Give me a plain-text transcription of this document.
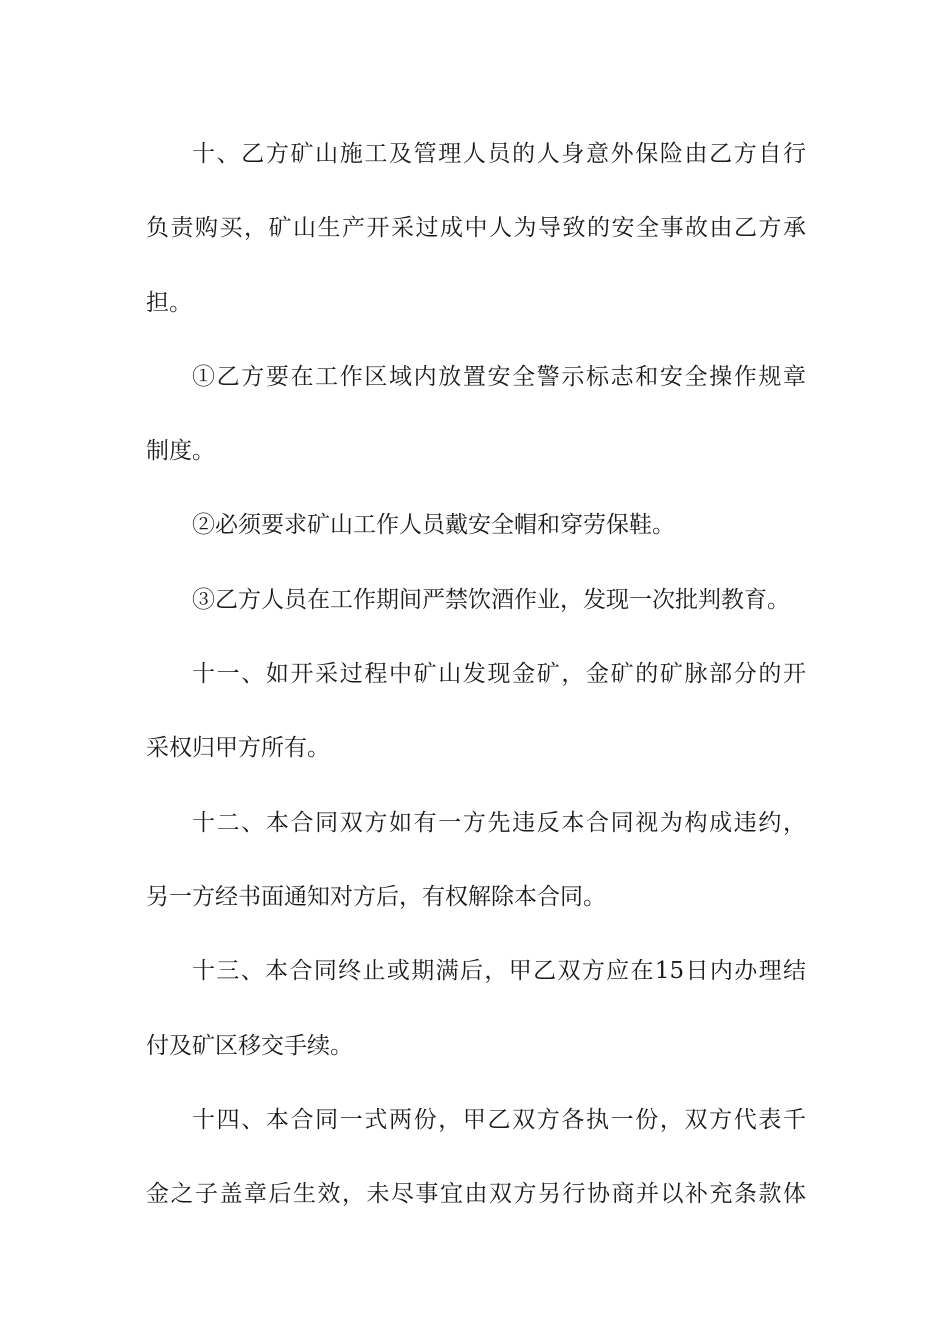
十、乙方矿山施工及管理人员的人身意外保险由乙方自行
负责购买，矿山生产开采过成中人为导致的安全事故由乙方承
担。
①乙方要在工作区域内放置安全警示标志和安全操作规章
制度。
②必须要求矿山工作人员戴安全帽和穿劳保鞋。
③乙方人员在工作期间严禁饮酒作业，发现一次批判教育。
十一、如开采过程中矿山发现金矿，金矿的矿脉部分的开
采权归甲方所有。
十二、本合同双方如有一方先违反本合同视为构成违约，
另一方经书面通知对方后，有权解除本合同。
十三、本合同终止或期满后，甲乙双方应在15日内办理结
付及矿区移交手续。
十四、本合同一式两份，甲乙双方各执一份，双方代表千
金之子盖章后生效，未尽事宜由双方另行协商并以补充条款体
